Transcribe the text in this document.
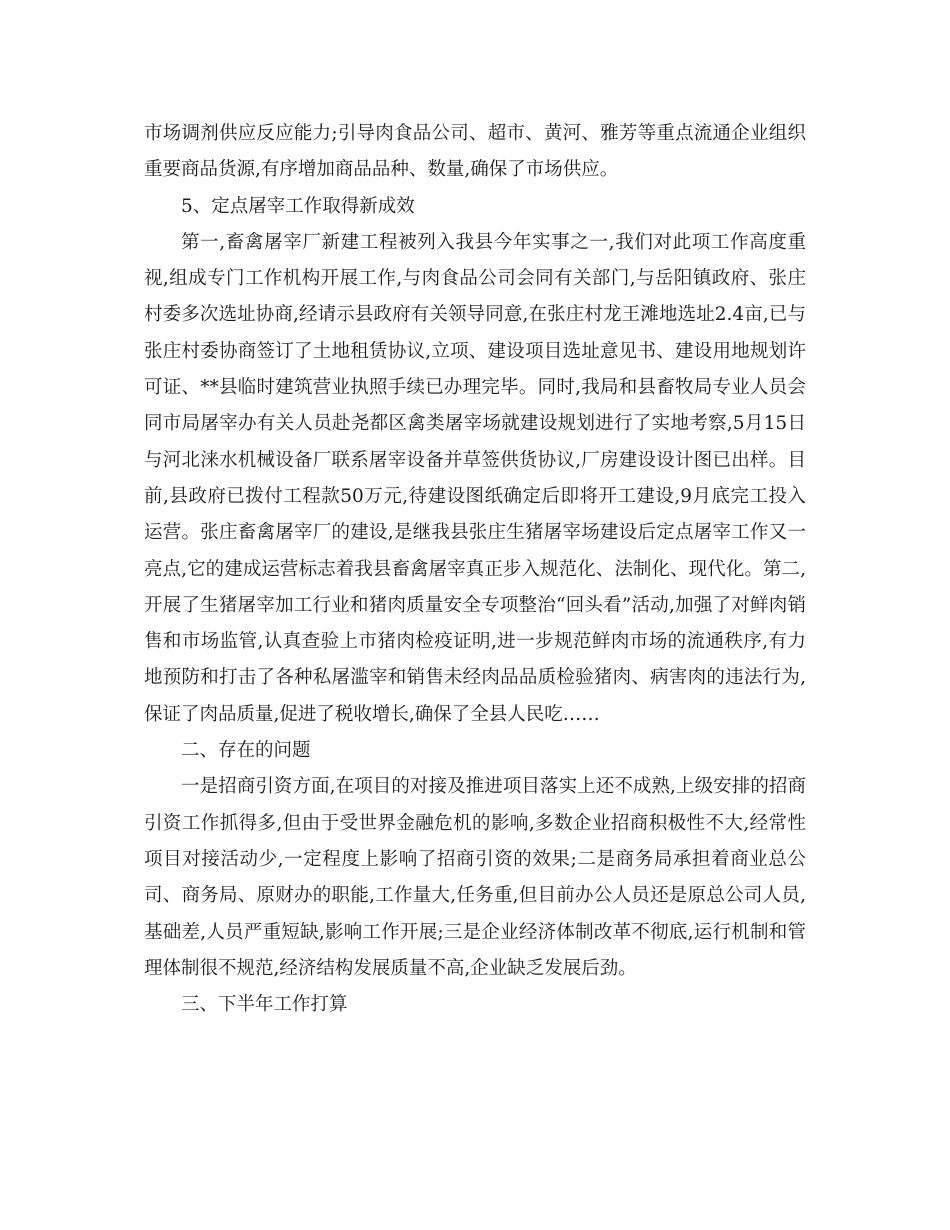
市场调剂供应反应能力;引导肉食品公司、超市、黄河、雅芳等重点流通企业组织重要商品货源,有序增加商品品种、数量,确保了市场供应。

5、定点屠宰工作取得新成效

第一,畜禽屠宰厂新建工程被列入我县今年实事之一,我们对此项工作高度重视,组成专门工作机构开展工作,与肉食品公司会同有关部门,与岳阳镇政府、张庄村委多次选址协商,经请示县政府有关领导同意,在张庄村龙王滩地选址2.4亩,已与张庄村委协商签订了土地租赁协议,立项、建设项目选址意见书、建设用地规划许可证、**县临时建筑营业执照手续已办理完毕。同时,我局和县畜牧局专业人员会同市局屠宰办有关人员赴尧都区禽类屠宰场就建设规划进行了实地考察,5月15日与河北涞水机械设备厂联系屠宰设备并草签供货协议,厂房建设设计图已出样。目前,县政府已拨付工程款50万元,待建设图纸确定后即将开工建设,9月底完工投入运营。张庄畜禽屠宰厂的建设,是继我县张庄生猪屠宰场建设后定点屠宰工作又一亮点,它的建成运营标志着我县畜禽屠宰真正步入规范化、法制化、现代化。第二,开展了生猪屠宰加工行业和猪肉质量安全专项整治“回头看”活动,加强了对鲜肉销售和市场监管,认真查验上市猪肉检疫证明,进一步规范鲜肉市场的流通秩序,有力地预防和打击了各种私屠滥宰和销售未经肉品品质检验猪肉、病害肉的违法行为,保证了肉品质量,促进了税收增长,确保了全县人民吃……

二、存在的问题

一是招商引资方面,在项目的对接及推进项目落实上还不成熟,上级安排的招商引资工作抓得多,但由于受世界金融危机的影响,多数企业招商积极性不大,经常性项目对接活动少,一定程度上影响了招商引资的效果;二是商务局承担着商业总公司、商务局、原财办的职能,工作量大,任务重,但目前办公人员还是原总公司人员,基础差,人员严重短缺,影响工作开展;三是企业经济体制改革不彻底,运行机制和管理体制很不规范,经济结构发展质量不高,企业缺乏发展后劲。

三、下半年工作打算
